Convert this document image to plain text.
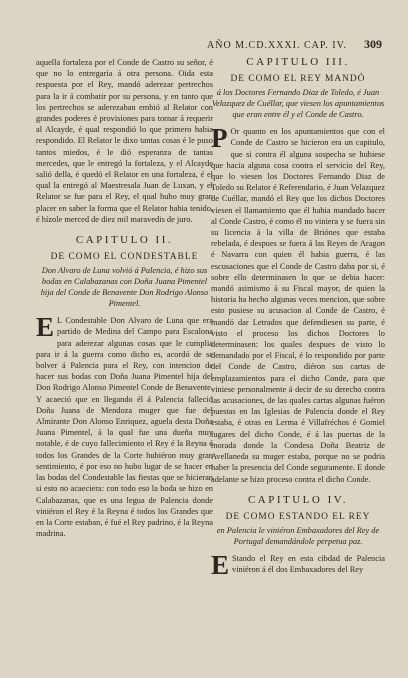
AÑO M.CD.XXXI. CAP. IV. 309

aquella fortaleza por el Conde de Castro su señor, é que no lo entregaria á otra persona. Oida esta respuesta por el Rey, mandó aderezar pertrechos para la ir á combatir por su persona, y en tanto que los pertrechos se aderezaban embió al Relator con grandes poderes é provisiones para tornar á requerir al Alcayde, é qual respondió lo que primero habia respondido. El Relator le dixo tantas cosas é le puso tantos miedos, é le dió esperanza de tantas mercedes, que le entregó la fortaleza, y el Alcayde salió della, é quedó el Relator en una fortaleza, é el qual la entregó al Maestresala Juan de Luxan, y el Relator se fue para el Rey, el qual hubo muy gran placer en saber la forma que el Relator habia tenido, é hízole merced de diez mil maravedis de juro.

CAPITULO II.
DE COMO EL CONDESTABLE
Don Alvaro de Luna volvió á Palencia, é hizo sus bodas en Calabazanas con Doña Juana Pimentel hija del Conde de Benavente Don Rodrigo Alonso Pimentel.

E L Condestable Don Alvaro de Luna que era partido de Medina del Campo para Escalona para aderezar algunas cosas que le cumplia para ir á la guerra como dicho es, acordó de se bolver á Palencia para el Rey, con intencion de hacer sus bodas con Doña Juana Pimentel hija del Don Rodrigo Alonso Pimentel Conde de Benavente. Y acaeció que en llegando él á Palencia falleció Doña Juana de Mendoza muger que fue del Almirante Don Alonso Enriquez, aguela desta Doña Juana Pimentel, á la qual fue una dueña muy notable, é de cuyo fallecimiento el Rey é la Reyna é todos los Grandes de la Corte hubiéron muy gran sentimiento, é por eso no hubo lugar de se hacer en las bodas del Condestable las fiestas que se hicieran si esto no acaeciera: con todo eso la boda se hizo en Calabazanas, que es una legua de Palencia donde viniéron el Rey é la Reyna é todos los Grandes que en la Corte estaban, é fué el Rey padrino, é la Reyna madrina.

CAPITULO III.
DE COMO EL REY MANDÓ
á los Doctores Fernando Diaz de Toledo, é Juan Velazquez de Cuéllar, que viesen los apuntamientos que eran entre él y el Conde de Castro.

P Or quanto en los apuntamientos que con el Conde de Castro se hicieron era un capitulo, que si contra él alguna sospecha se hubiese que hacia alguna cosa contra el servicio del Rey, que lo viesen los Doctores Fernando Diaz de Toledo su Relator é Referendario, é Juan Velazquez de Cuéllar, mandó el Rey que los dichos Doctores viesen el llamamiento que él habia mandado hacer al Conde Castro, é como él no viniera y se fuera sin su licencia á la villa de Briónes que estaba rebelada, é despues se fuera á las Reyes de Aragon é Navarra con quien él habia guerra, é las escusaciones que el Conde de Castro daba por si, é sobre ello determinasen lo que se debia hacer: mandó asimismo á su Fiscal mayor, de quien la historia ha hecho algunas veces mencion, que sobre esto pusiese su acusacion al Conde de Castro, é mandó dar Letrados que defendiesen su parte, é visto el proceso los dichos Doctores lo determinasen: los quales despues de visto lo demandado por el Fiscal, é lo respondido por parte del Conde de Castro, diéron sus cartas de emplazamientos para el dicho Conde, para que viniese personalmente á decir de su derecho contra las acusaciones, de las quales cartas algunas fuéron puestas en las Iglesias de Palencia donde el Rey estaba, é otras en Lerma é Villafréchos é Gomiel lugares del dicho Conde, é á las puertas de la morada donde la Condesa Doña Beatriz de Avellaneda su muger estaba, porque no se podria haber la presencia del Conde seguramente. E donde adelante se hizo proceso contra el dicho Conde.

CAPITULO IV.
DE COMO ESTANDO EL REY
en Palencia le viniéron Embaxadores del Rey de Portugal demandándole perpetua paz.

E Stando el Rey en esta cibdad de Palencia viniéron á él dos Embaxadores del Rey
